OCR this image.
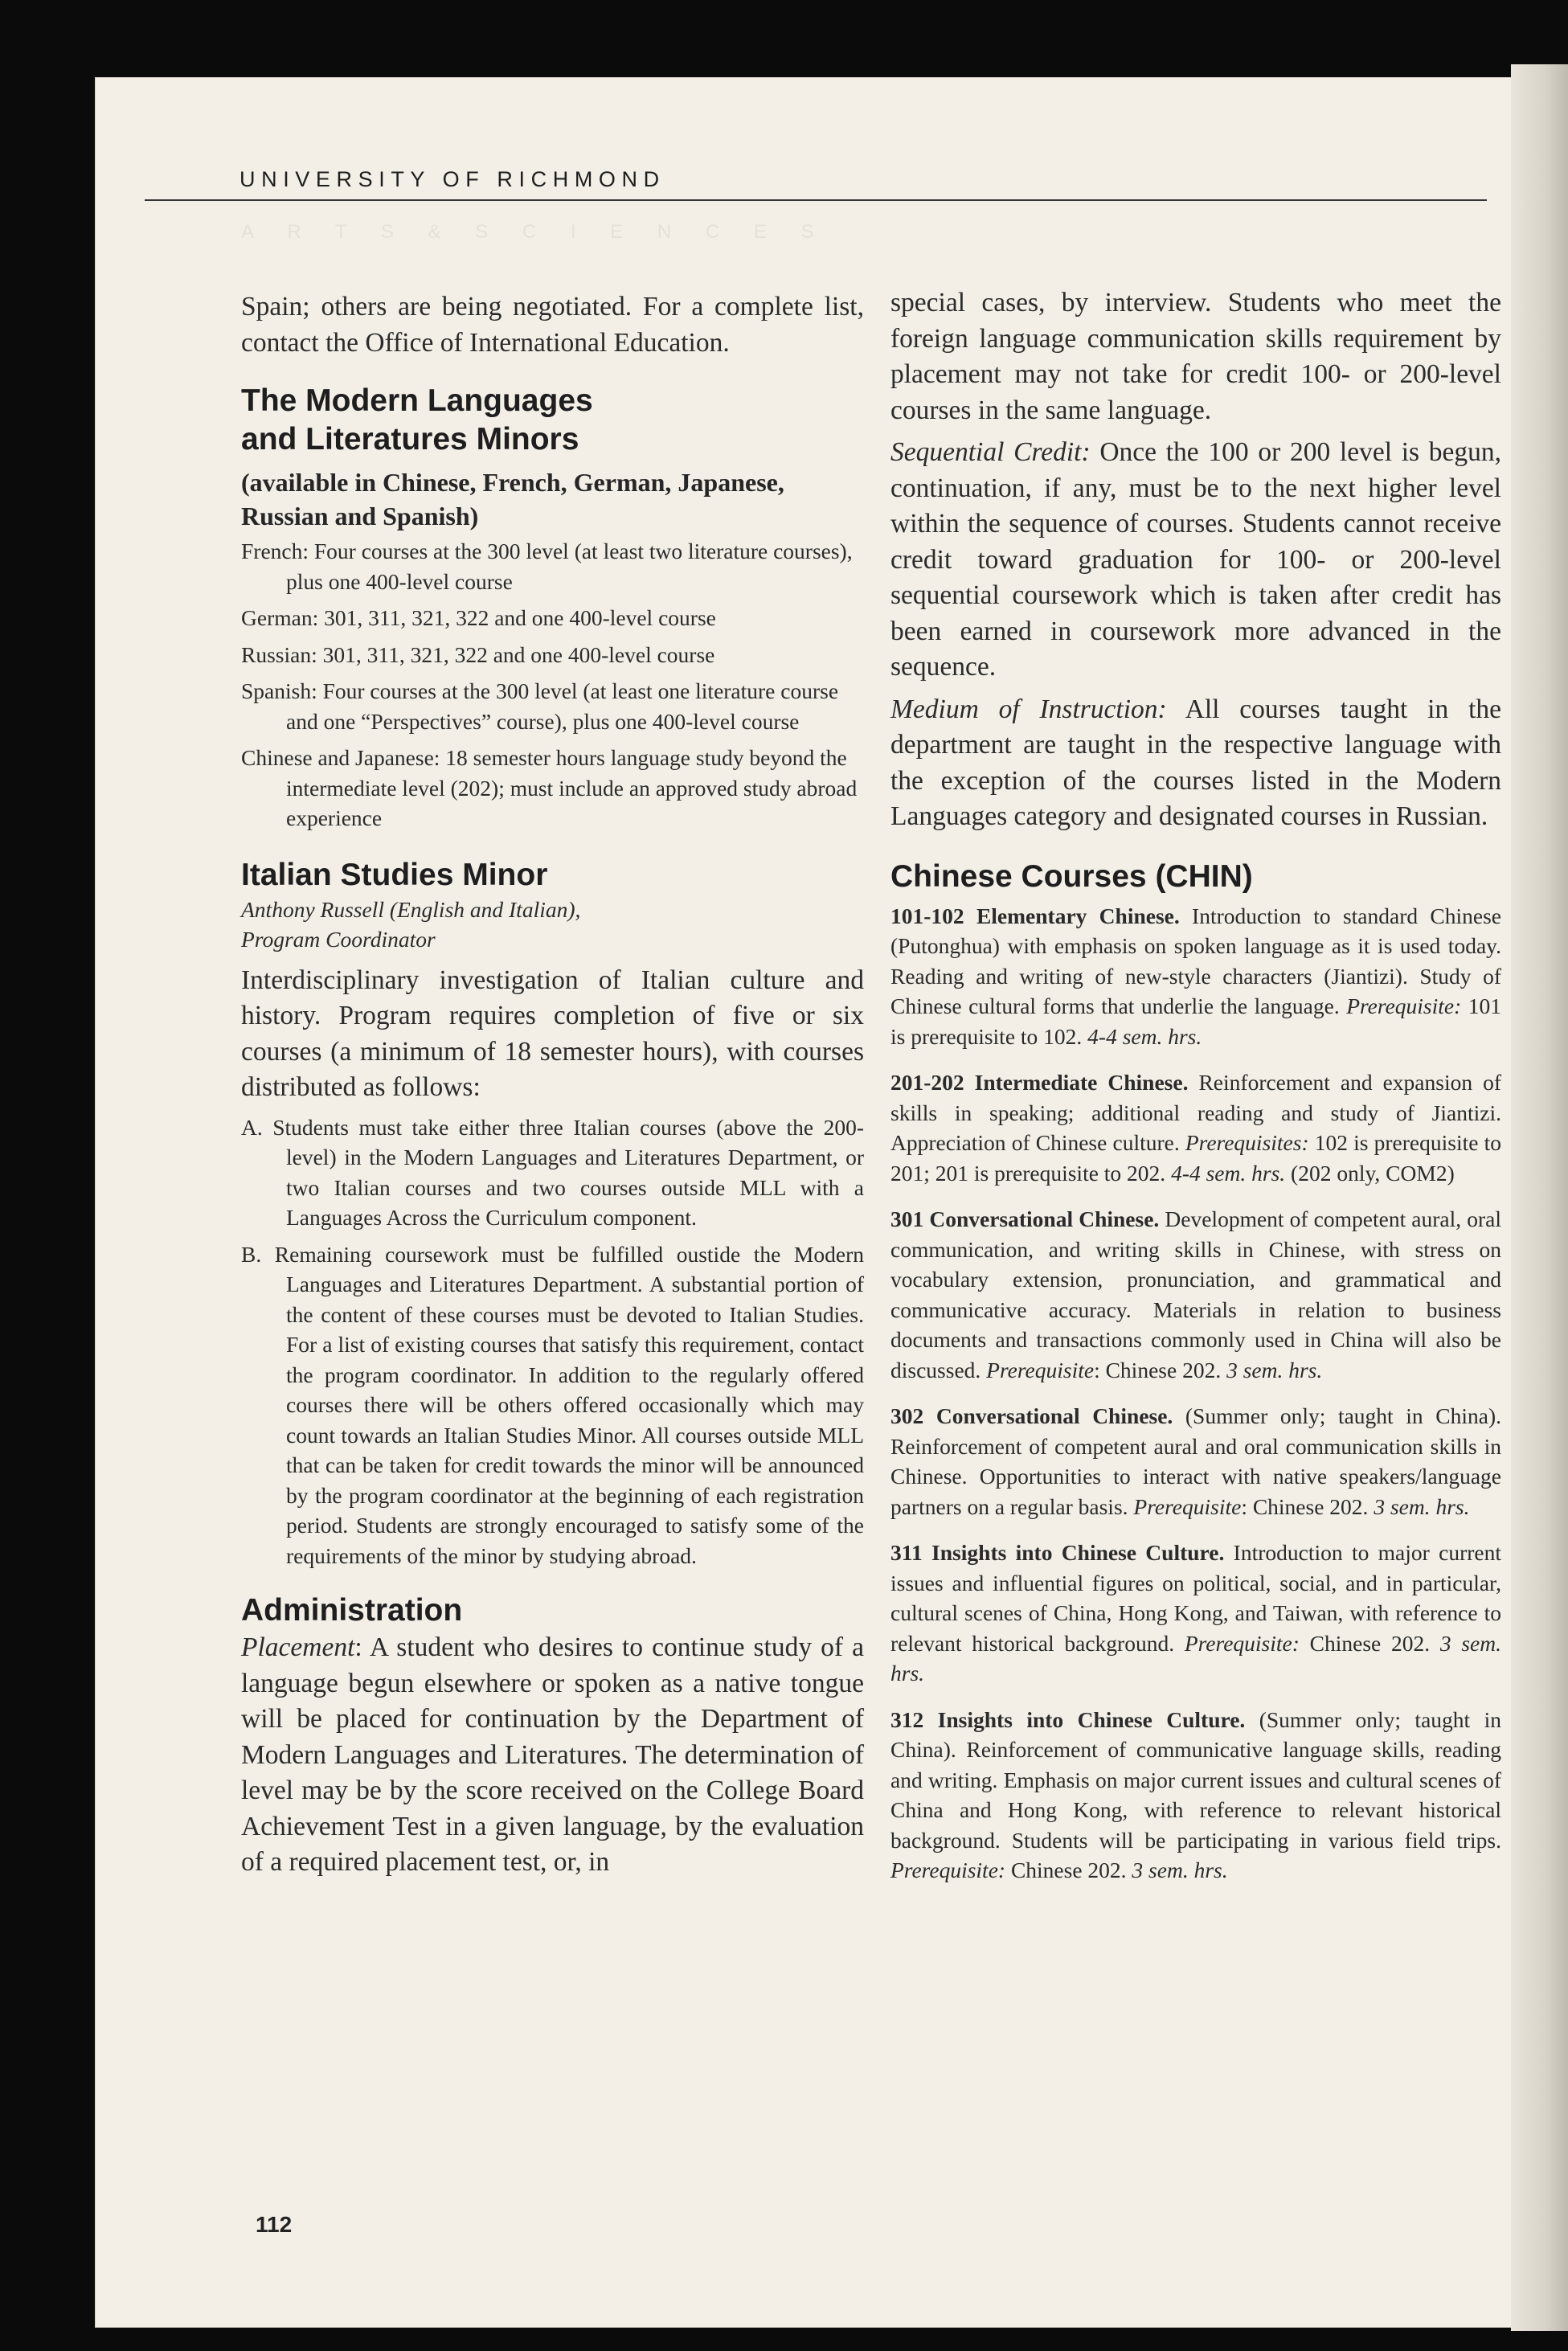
A R T S & S C I E N C E S
UNIVERSITY OF RICHMOND

Spain; others are being negotiated. For a complete list, contact the Office of International Education.

The Modern Languages

and Literatures Minors

(available in Chinese, French, German, Japanese, Russian and Spanish)

French: Four courses at the 300 level (at least two literature courses), plus one 400-level course

German: 301, 311, 321, 322 and one 400-level course

Russian: 301, 311, 321, 322 and one 400-level course

Spanish: Four courses at the 300 level (at least one literature course and one “Perspectives” course), plus one 400-level course

Chinese and Japanese: 18 semester hours language study beyond the intermediate level (202); must include an approved study abroad experience

Italian Studies Minor

Anthony Russell (English and Italian),

Program Coordinator

Interdisciplinary investigation of Italian culture and history. Program requires completion of five or six courses (a minimum of 18 semester hours), with courses distributed as follows:

A. Students must take either three Italian courses (above the 200-level) in the Modern Languages and Literatures Department, or two Italian courses and two courses outside MLL with a Languages Across the Curriculum component.

B. Remaining coursework must be fulfilled oustide the Modern Languages and Literatures Department. A substantial portion of the content of these courses must be devoted to Italian Studies. For a list of existing courses that satisfy this requirement, contact the program coordinator. In addition to the regularly offered courses there will be others offered occasionally which may count towards an Italian Studies Minor. All courses outside MLL that can be taken for credit towards the minor will be announced by the program coordinator at the beginning of each registration period. Students are strongly encouraged to satisfy some of the requirements of the minor by studying abroad.

Administration

Placement: A student who desires to continue study of a language begun elsewhere or spoken as a native tongue will be placed for continuation by the Department of Modern Languages and Literatures. The determination of level may be by the score received on the College Board Achievement Test in a given language, by the evaluation of a required placement test, or, in

special cases, by interview. Students who meet the foreign language communication skills requirement by placement may not take for credit 100- or 200-level courses in the same language.

Sequential Credit: Once the 100 or 200 level is begun, continuation, if any, must be to the next higher level within the sequence of courses. Students cannot receive credit toward graduation for 100- or 200-level sequential coursework which is taken after credit has been earned in coursework more advanced in the sequence.

Medium of Instruction: All courses taught in the department are taught in the respective language with the exception of the courses listed in the Modern Languages category and designated courses in Russian.

Chinese Courses (CHIN)

101-102 Elementary Chinese. Introduction to standard Chinese (Putonghua) with emphasis on spoken language as it is used today. Reading and writing of new-style characters (Jiantizi). Study of Chinese cultural forms that underlie the language. Prerequisite: 101 is prerequisite to 102. 4-4 sem. hrs.

201-202 Intermediate Chinese. Reinforcement and expansion of skills in speaking; additional reading and study of Jiantizi. Appreciation of Chinese culture. Prerequisites: 102 is prerequisite to 201; 201 is prerequisite to 202. 4-4 sem. hrs. (202 only, COM2)

301 Conversational Chinese. Development of competent aural, oral communication, and writing skills in Chinese, with stress on vocabulary extension, pronunciation, and grammatical and communicative accuracy. Materials in relation to business documents and transactions commonly used in China will also be discussed. Prerequisite: Chinese 202. 3 sem. hrs.

302 Conversational Chinese. (Summer only; taught in China). Reinforcement of competent aural and oral communication skills in Chinese. Opportunities to interact with native speakers/language partners on a regular basis. Prerequisite: Chinese 202. 3 sem. hrs.

311 Insights into Chinese Culture. Introduction to major current issues and influential figures on political, social, and in particular, cultural scenes of China, Hong Kong, and Taiwan, with reference to relevant historical background. Prerequisite: Chinese 202. 3 sem. hrs.

312 Insights into Chinese Culture. (Summer only; taught in China). Reinforcement of communicative language skills, reading and writing. Emphasis on major current issues and cultural scenes of China and Hong Kong, with reference to relevant historical background. Students will be participating in various field trips. Prerequisite: Chinese 202. 3 sem. hrs.

112
